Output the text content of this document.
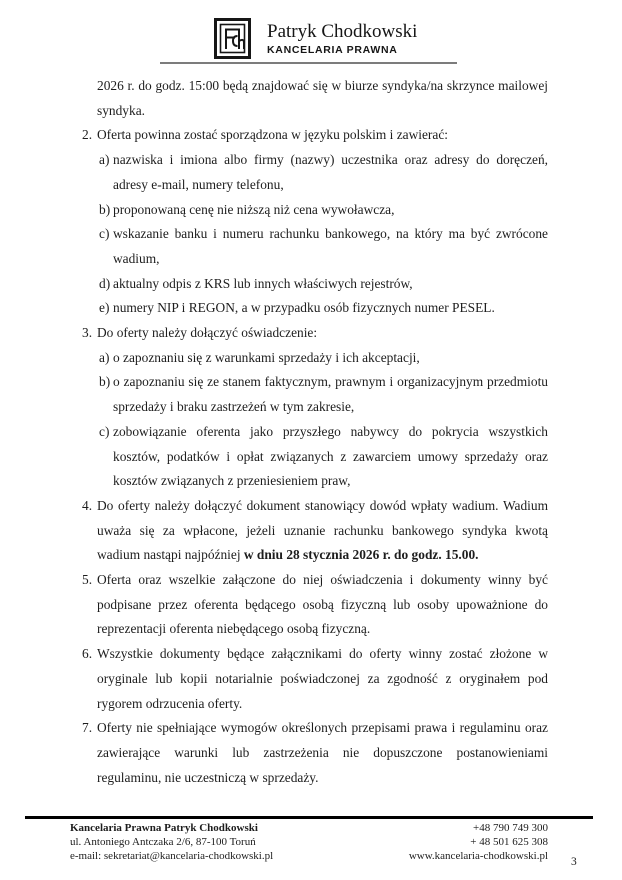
Patryk Chodkowski
KANCELARIA PRAWNA

2026 r. do godz. 15:00 będą znajdować się w biurze syndyka/na skrzynce mailowej syndyka.

2. Oferta powinna zostać sporządzona w języku polskim i zawierać:
a) nazwiska i imiona albo firmy (nazwy) uczestnika oraz adresy do doręczeń, adresy e-mail, numery telefonu,
b) proponowaną cenę nie niższą niż cena wywoławcza,
c) wskazanie banku i numeru rachunku bankowego, na który ma być zwrócone wadium,
d) aktualny odpis z KRS lub innych właściwych rejestrów,
e) numery NIP i REGON, a w przypadku osób fizycznych numer PESEL.
3. Do oferty należy dołączyć oświadczenie:
a) o zapoznaniu się z warunkami sprzedaży i ich akceptacji,
b) o zapoznaniu się ze stanem faktycznym, prawnym i organizacyjnym przedmiotu sprzedaży i braku zastrzeżeń w tym zakresie,
c) zobowiązanie oferenta jako przyszłego nabywcy do pokrycia wszystkich kosztów, podatków i opłat związanych z zawarciem umowy sprzedaży oraz kosztów związanych z przeniesieniem praw,
4. Do oferty należy dołączyć dokument stanowiący dowód wpłaty wadium. Wadium uważa się za wpłacone, jeżeli uznanie rachunku bankowego syndyka kwotą wadium nastąpi najpóźniej w dniu 28 stycznia 2026 r. do godz. 15.00.
5. Oferta oraz wszelkie załączone do niej oświadczenia i dokumenty winny być podpisane przez oferenta będącego osobą fizyczną lub osoby upoważnione do reprezentacji oferenta niebędącego osobą fizyczną.
6. Wszystkie dokumenty będące załącznikami do oferty winny zostać złożone w oryginale lub kopii notarialnie poświadczonej za zgodność z oryginałem pod rygorem odrzucenia oferty.
7. Oferty nie spełniające wymogów określonych przepisami prawa i regulaminu oraz zawierające warunki lub zastrzeżenia nie dopuszczone postanowieniami regulaminu, nie uczestniczą w sprzedaży.
Kancelaria Prawna Patryk Chodkowski
ul. Antoniego Antczaka 2/6, 87-100 Toruń
e-mail: sekretariat@kancelaria-chodkowski.pl
+48 790 749 300
+ 48 501 625 308
www.kancelaria-chodkowski.pl
3
